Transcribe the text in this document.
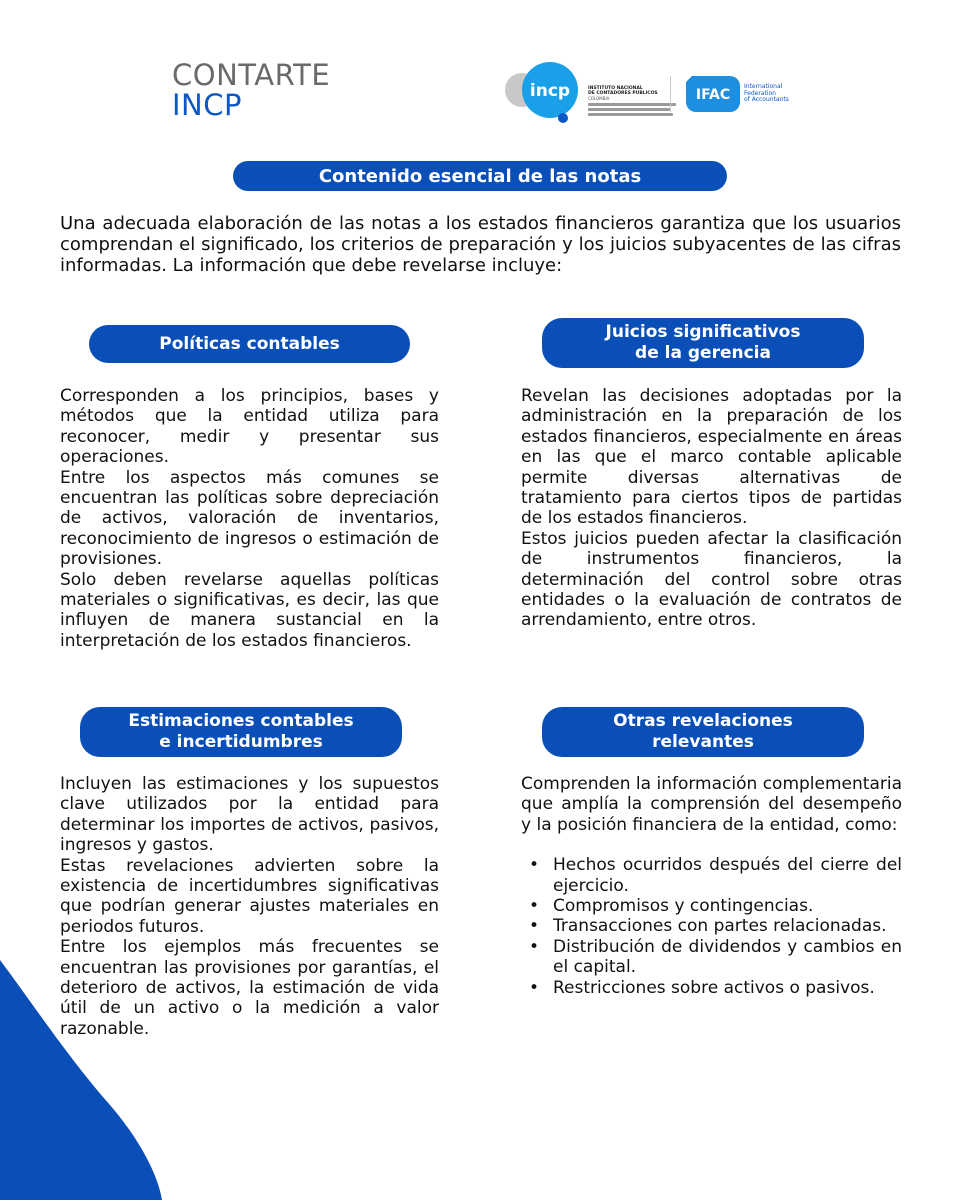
CONTARTE
INCP	incp	INSTITUTO NACIONAL
DE CONTADORES PÚBLICOS
COLOMBIA	IFAC
International
Federation
of Accountants
Contenido esencial de las notas

Una adecuada elaboración de las notas a los estados financieros garantiza que los usuarios comprendan el significado, los criterios de preparación y los juicios subyacentes de las cifras informadas. La información que debe revelarse incluye:

Políticas contables

Corresponden a los principios, bases y métodos que la entidad utiliza para reconocer, medir y presentar sus operaciones.

Entre los aspectos más comunes se encuentran las políticas sobre depreciación de activos, valoración de inventarios, reconocimiento de ingresos o estimación de provisiones.

Solo deben revelarse aquellas políticas materiales o significativas, es decir, las que influyen de manera sustancial en la interpretación de los estados financieros.

Juicios significativos
de la gerencia

Revelan las decisiones adoptadas por la administración en la preparación de los estados financieros, especialmente en áreas en las que el marco contable aplicable permite diversas alternativas de tratamiento para ciertos tipos de partidas de los estados financieros.

Estos juicios pueden afectar la clasificación de instrumentos financieros, la determinación del control sobre otras entidades o la evaluación de contratos de arrendamiento, entre otros.

Estimaciones contables
e incertidumbres

Incluyen las estimaciones y los supuestos clave utilizados por la entidad para determinar los importes de activos, pasivos, ingresos y gastos.

Estas revelaciones advierten sobre la existencia de incertidumbres significativas que podrían generar ajustes materiales en periodos futuros.

Entre los ejemplos más frecuentes se encuentran las provisiones por garantías, el deterioro de activos, la estimación de vida útil de un activo o la medición a valor razonable.

Otras revelaciones
relevantes

Comprenden la información complementaria que amplía la comprensión del desempeño y la posición financiera de la entidad, como:

• Hechos ocurridos después del cierre del ejercicio.
• Compromisos y contingencias.
• Transacciones con partes relacionadas.
• Distribución de dividendos y cambios en el capital.
• Restricciones sobre activos o pasivos.
